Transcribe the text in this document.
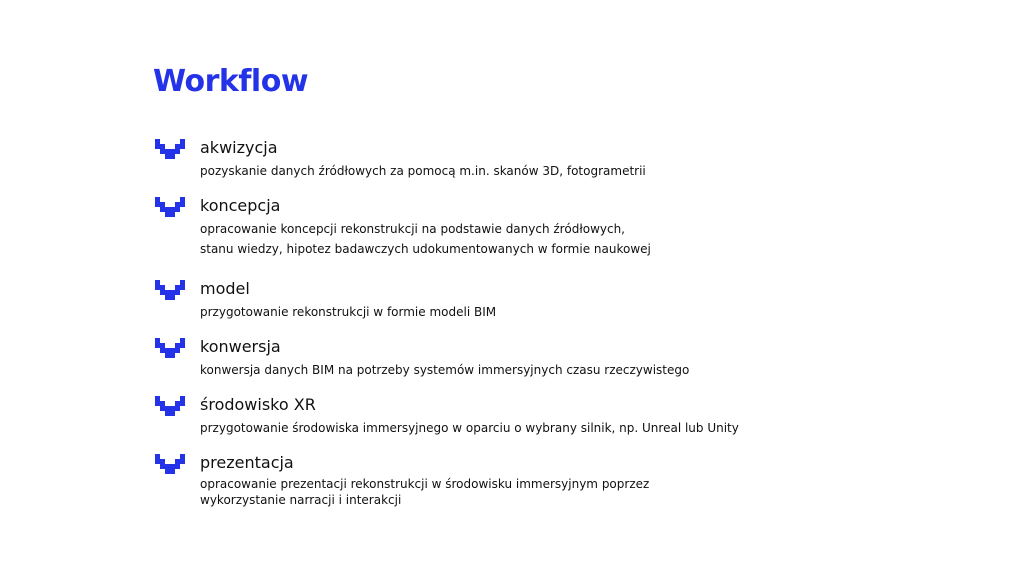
Workflow
akwizycja
pozyskanie danych źródłowych za pomocą m.in. skanów 3D, fotogrametrii
koncepcja
opracowanie koncepcji rekonstrukcji na podstawie danych źródłowych,
stanu wiedzy, hipotez badawczych udokumentowanych w formie naukowej
model
przygotowanie rekonstrukcji w formie modeli BIM
konwersja
konwersja danych BIM na potrzeby systemów immersyjnych czasu rzeczywistego
środowisko XR
przygotowanie środowiska immersyjnego w oparciu o wybrany silnik, np. Unreal lub Unity
prezentacja
opracowanie prezentacji rekonstrukcji w środowisku immersyjnym poprzez
wykorzystanie narracji i interakcji
